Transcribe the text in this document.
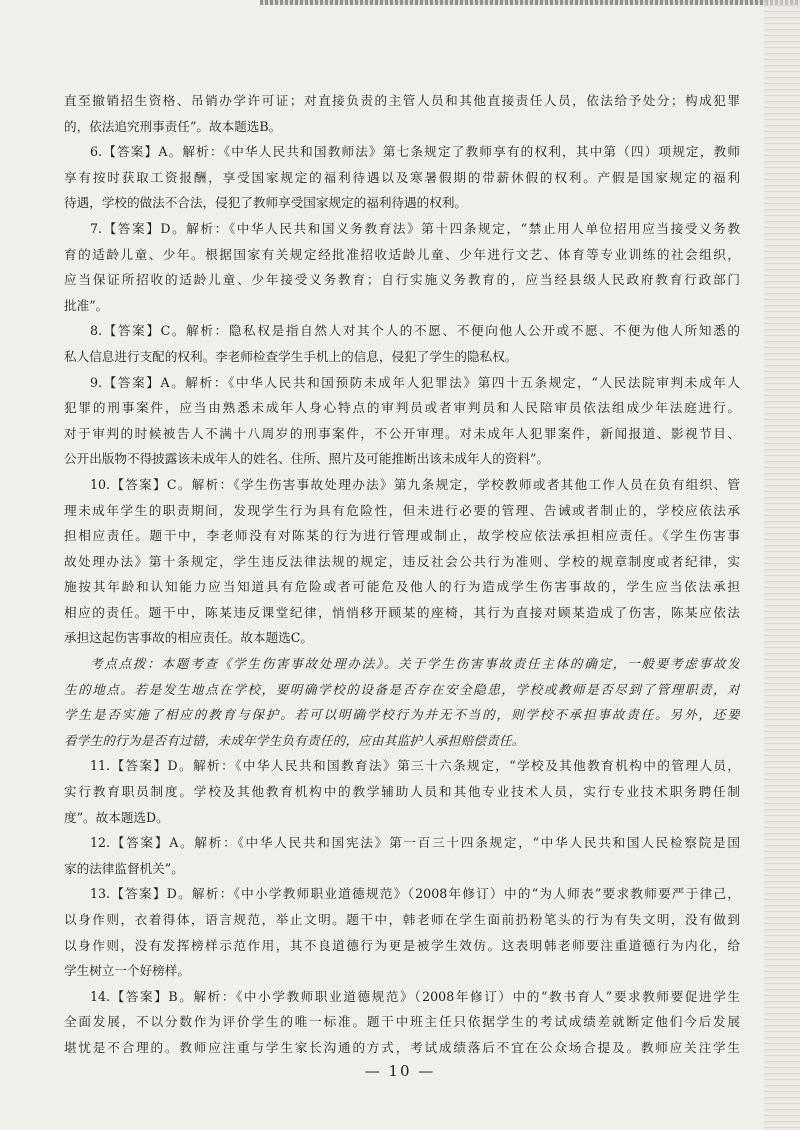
直至撤销招生资格、吊销办学许可证；对直接负责的主管人员和其他直接责任人员，依法给予处分；构成犯罪
的，依法追究刑事责任”。故本题选B。
6.【答案】A。解析：《中华人民共和国教师法》第七条规定了教师享有的权利，其中第（四）项规定，教师
享有按时获取工资报酬，享受国家规定的福利待遇以及寒暑假期的带薪休假的权利。产假是国家规定的福利
待遇，学校的做法不合法，侵犯了教师享受国家规定的福利待遇的权利。
7.【答案】D。解析：《中华人民共和国义务教育法》第十四条规定，“禁止用人单位招用应当接受义务教
育的适龄儿童、少年。根据国家有关规定经批准招收适龄儿童、少年进行文艺、体育等专业训练的社会组织，
应当保证所招收的适龄儿童、少年接受义务教育；自行实施义务教育的，应当经县级人民政府教育行政部门
批准”。
8.【答案】C。解析：隐私权是指自然人对其个人的不愿、不便向他人公开或不愿、不便为他人所知悉的
私人信息进行支配的权利。李老师检查学生手机上的信息，侵犯了学生的隐私权。
9.【答案】A。解析：《中华人民共和国预防未成年人犯罪法》第四十五条规定，“人民法院审判未成年人
犯罪的刑事案件，应当由熟悉未成年人身心特点的审判员或者审判员和人民陪审员依法组成少年法庭进行。
对于审判的时候被告人不满十八周岁的刑事案件，不公开审理。对未成年人犯罪案件，新闻报道、影视节目、
公开出版物不得披露该未成年人的姓名、住所、照片及可能推断出该未成年人的资料”。
10.【答案】C。解析：《学生伤害事故处理办法》第九条规定，学校教师或者其他工作人员在负有组织、管
理未成年学生的职责期间，发现学生行为具有危险性，但未进行必要的管理、告诫或者制止的，学校应依法承
担相应责任。题干中，李老师没有对陈某的行为进行管理或制止，故学校应依法承担相应责任。《学生伤害事
故处理办法》第十条规定，学生违反法律法规的规定，违反社会公共行为准则、学校的规章制度或者纪律，实
施按其年龄和认知能力应当知道具有危险或者可能危及他人的行为造成学生伤害事故的，学生应当依法承担
相应的责任。题干中，陈某违反课堂纪律，悄悄移开顾某的座椅，其行为直接对顾某造成了伤害，陈某应依法
承担这起伤害事故的相应责任。故本题选C。
考点点拨：本题考查《学生伤害事故处理办法》。关于学生伤害事故责任主体的确定，一般要考虑事故发
生的地点。若是发生地点在学校，要明确学校的设备是否存在安全隐患，学校或教师是否尽到了管理职责，对
学生是否实施了相应的教育与保护。若可以明确学校行为并无不当的，则学校不承担事故责任。另外，还要
看学生的行为是否有过错，未成年学生负有责任的，应由其监护人承担赔偿责任。
11.【答案】D。解析：《中华人民共和国教育法》第三十六条规定，“学校及其他教育机构中的管理人员，
实行教育职员制度。学校及其他教育机构中的教学辅助人员和其他专业技术人员，实行专业技术职务聘任制
度”。故本题选D。
12.【答案】A。解析：《中华人民共和国宪法》第一百三十四条规定，“中华人民共和国人民检察院是国
家的法律监督机关”。
13.【答案】D。解析：《中小学教师职业道德规范》（2008年修订）中的“为人师表”要求教师要严于律己，
以身作则，衣着得体，语言规范，举止文明。题干中，韩老师在学生面前扔粉笔头的行为有失文明，没有做到
以身作则，没有发挥榜样示范作用，其不良道德行为更是被学生效仿。这表明韩老师要注重道德行为内化，给
学生树立一个好榜样。
14.【答案】B。解析：《中小学教师职业道德规范》（2008年修订）中的“教书育人”要求教师要促进学生
全面发展，不以分数作为评价学生的唯一标准。题干中班主任只依据学生的考试成绩差就断定他们今后发展
堪忧是不合理的。教师应注重与学生家长沟通的方式，考试成绩落后不宜在公众场合提及。教师应关注学生
— 10 —
